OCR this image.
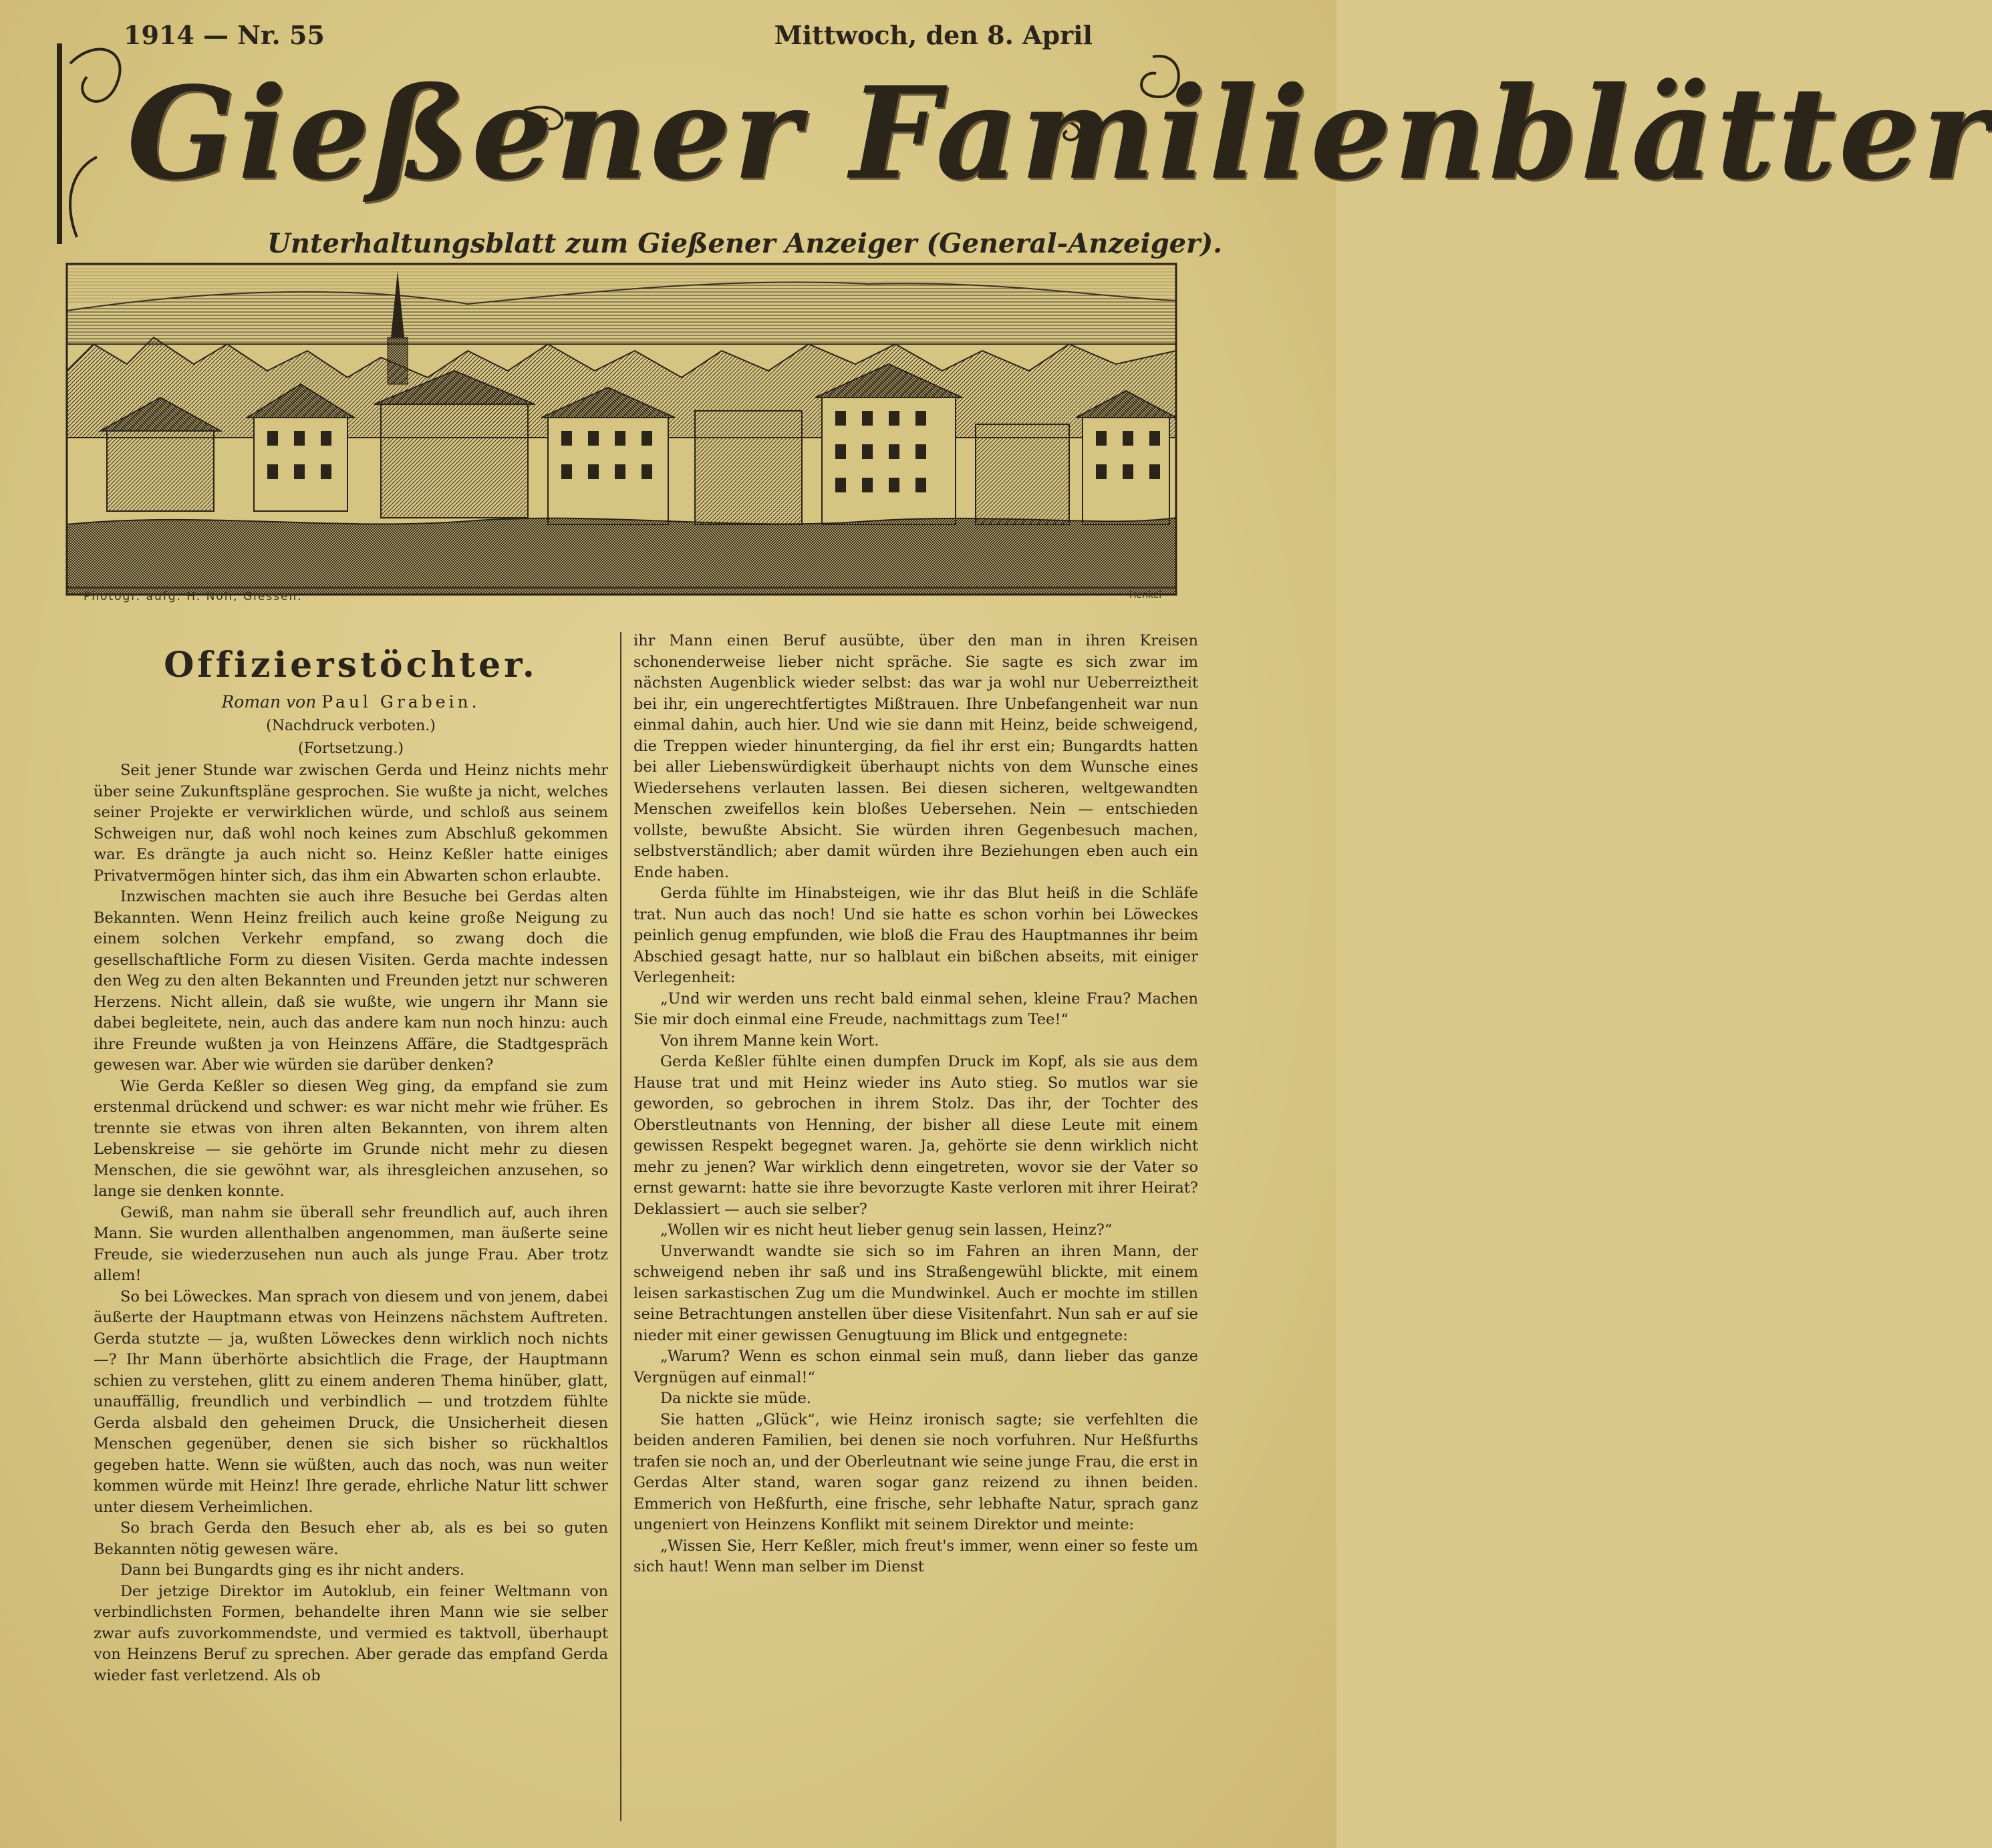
1914 — Nr. 55	Mittwoch, den 8. April
Gießener Familienblätter
Unterhaltungsblatt zum Gießener Anzeiger (General-Anzeiger).
Photogr. aufg. H. Noll, Giessen.	Henkel
Offizierstöchter.
Roman von Paul Grabein.
(Nachdruck verboten.)
(Fortsetzung.)

Seit jener Stunde war zwischen Gerda und Heinz nichts mehr über seine Zukunftspläne gesprochen. Sie wußte ja nicht, welches seiner Projekte er verwirklichen würde, und schloß aus seinem Schweigen nur, daß wohl noch keines zum Abschluß gekommen war. Es drängte ja auch nicht so. Heinz Keßler hatte einiges Privatvermögen hinter sich, das ihm ein Abwarten schon erlaubte.

Inzwischen machten sie auch ihre Besuche bei Gerdas alten Bekannten. Wenn Heinz freilich auch keine große Neigung zu einem solchen Verkehr empfand, so zwang doch die gesellschaftliche Form zu diesen Visiten. Gerda machte indessen den Weg zu den alten Bekannten und Freunden jetzt nur schweren Herzens. Nicht allein, daß sie wußte, wie ungern ihr Mann sie dabei begleitete, nein, auch das andere kam nun noch hinzu: auch ihre Freunde wußten ja von Heinzens Affäre, die Stadtgespräch gewesen war. Aber wie würden sie darüber denken?

Wie Gerda Keßler so diesen Weg ging, da empfand sie zum erstenmal drückend und schwer: es war nicht mehr wie früher. Es trennte sie etwas von ihren alten Bekannten, von ihrem alten Lebenskreise — sie gehörte im Grunde nicht mehr zu diesen Menschen, die sie gewöhnt war, als ihresgleichen anzusehen, so lange sie denken konnte.

Gewiß, man nahm sie überall sehr freundlich auf, auch ihren Mann. Sie wurden allenthalben angenommen, man äußerte seine Freude, sie wiederzusehen nun auch als junge Frau. Aber trotz allem!

So bei Löweckes. Man sprach von diesem und von jenem, dabei äußerte der Hauptmann etwas von Heinzens nächstem Auftreten. Gerda stutzte — ja, wußten Löweckes denn wirklich noch nichts —? Ihr Mann überhörte absichtlich die Frage, der Hauptmann schien zu verstehen, glitt zu einem anderen Thema hinüber, glatt, unauffällig, freundlich und verbindlich — und trotzdem fühlte Gerda alsbald den geheimen Druck, die Unsicherheit diesen Menschen gegenüber, denen sie sich bisher so rückhaltlos gegeben hatte. Wenn sie wüßten, auch das noch, was nun weiter kommen würde mit Heinz! Ihre gerade, ehrliche Natur litt schwer unter diesem Verheimlichen.

So brach Gerda den Besuch eher ab, als es bei so guten Bekannten nötig gewesen wäre.

Dann bei Bungardts ging es ihr nicht anders.

Der jetzige Direktor im Autoklub, ein feiner Weltmann von verbindlichsten Formen, behandelte ihren Mann wie sie selber zwar aufs zuvorkommendste, und vermied es taktvoll, überhaupt von Heinzens Beruf zu sprechen. Aber gerade das empfand Gerda wieder fast verletzend. Als ob

ihr Mann einen Beruf ausübte, über den man in ihren Kreisen schonenderweise lieber nicht spräche. Sie sagte es sich zwar im nächsten Augenblick wieder selbst: das war ja wohl nur Ueberreiztheit bei ihr, ein ungerechtfertigtes Mißtrauen. Ihre Unbefangenheit war nun einmal dahin, auch hier. Und wie sie dann mit Heinz, beide schweigend, die Treppen wieder hinunterging, da fiel ihr erst ein; Bungardts hatten bei aller Liebenswürdigkeit überhaupt nichts von dem Wunsche eines Wiedersehens verlauten lassen. Bei diesen sicheren, weltgewandten Menschen zweifellos kein bloßes Uebersehen. Nein — entschieden vollste, bewußte Absicht. Sie würden ihren Gegenbesuch machen, selbstverständlich; aber damit würden ihre Beziehungen eben auch ein Ende haben.

Gerda fühlte im Hinabsteigen, wie ihr das Blut heiß in die Schläfe trat. Nun auch das noch! Und sie hatte es schon vorhin bei Löweckes peinlich genug empfunden, wie bloß die Frau des Hauptmannes ihr beim Abschied gesagt hatte, nur so halblaut ein bißchen abseits, mit einiger Verlegenheit:

„Und wir werden uns recht bald einmal sehen, kleine Frau? Machen Sie mir doch einmal eine Freude, nachmittags zum Tee!“

Von ihrem Manne kein Wort.

Gerda Keßler fühlte einen dumpfen Druck im Kopf, als sie aus dem Hause trat und mit Heinz wieder ins Auto stieg. So mutlos war sie geworden, so gebrochen in ihrem Stolz. Das ihr, der Tochter des Oberstleutnants von Henning, der bisher all diese Leute mit einem gewissen Respekt begegnet waren. Ja, gehörte sie denn wirklich nicht mehr zu jenen? War wirklich denn eingetreten, wovor sie der Vater so ernst gewarnt: hatte sie ihre bevorzugte Kaste verloren mit ihrer Heirat? Deklassiert — auch sie selber?

„Wollen wir es nicht heut lieber genug sein lassen, Heinz?“

Unverwandt wandte sie sich so im Fahren an ihren Mann, der schweigend neben ihr saß und ins Straßengewühl blickte, mit einem leisen sarkastischen Zug um die Mundwinkel. Auch er mochte im stillen seine Betrachtungen anstellen über diese Visitenfahrt. Nun sah er auf sie nieder mit einer gewissen Genugtuung im Blick und entgegnete:

„Warum? Wenn es schon einmal sein muß, dann lieber das ganze Vergnügen auf einmal!“

Da nickte sie müde.

Sie hatten „Glück“, wie Heinz ironisch sagte; sie verfehlten die beiden anderen Familien, bei denen sie noch vorfuhren. Nur Heßfurths trafen sie noch an, und der Oberleutnant wie seine junge Frau, die erst in Gerdas Alter stand, waren sogar ganz reizend zu ihnen beiden. Emmerich von Heßfurth, eine frische, sehr lebhafte Natur, sprach ganz ungeniert von Heinzens Konflikt mit seinem Direktor und meinte:

„Wissen Sie, Herr Keßler, mich freut's immer, wenn einer so feste um sich haut! Wenn man selber im Dienst
